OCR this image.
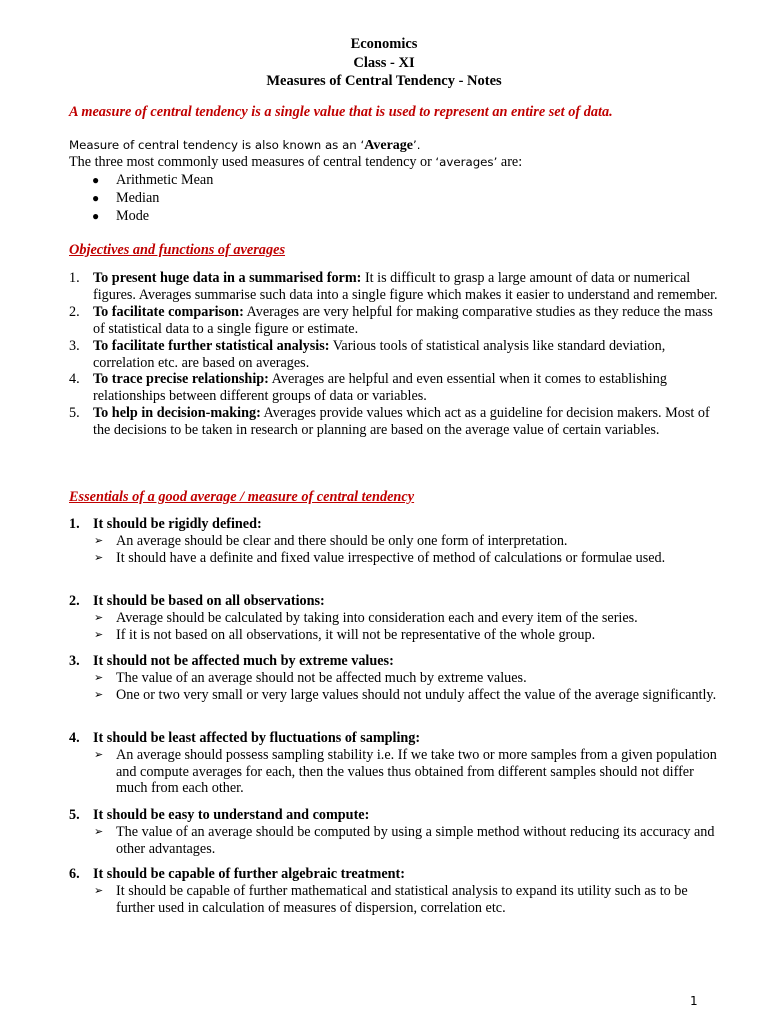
Economics
Class - XI
Measures of Central Tendency - Notes
A measure of central tendency is a single value that is used to represent an entire set of data.
Measure of central tendency is also known as an ‘Average’.
The three most commonly used measures of central tendency or ‘averages’ are:
● Arithmetic Mean
● Median
● Mode
Objectives and functions of averages
1. To present huge data in a summarised form: It is difficult to grasp a large amount of data or numerical figures. Averages summarise such data into a single figure which makes it easier to understand and remember.
2. To facilitate comparison: Averages are very helpful for making comparative studies as they reduce the mass of statistical data to a single figure or estimate.
3. To facilitate further statistical analysis: Various tools of statistical analysis like standard deviation, correlation etc. are based on averages.
4. To trace precise relationship: Averages are helpful and even essential when it comes to establishing relationships between different groups of data or variables.
5. To help in decision-making: Averages provide values which act as a guideline for decision makers. Most of the decisions to be taken in research or planning are based on the average value of certain variables.
Essentials of a good average / measure of central tendency
1. It should be rigidly defined:
➢ An average should be clear and there should be only one form of interpretation.
➢ It should have a definite and fixed value irrespective of method of calculations or formulae used.
2. It should be based on all observations:
➢ Average should be calculated by taking into consideration each and every item of the series.
➢ If it is not based on all observations, it will not be representative of the whole group.
3. It should not be affected much by extreme values:
➢ The value of an average should not be affected much by extreme values.
➢ One or two very small or very large values should not unduly affect the value of the average significantly.
4. It should be least affected by fluctuations of sampling:
➢ An average should possess sampling stability i.e. If we take two or more samples from a given population and compute averages for each, then the values thus obtained from different samples should not differ much from each other.
5. It should be easy to understand and compute:
➢ The value of an average should be computed by using a simple method without reducing its accuracy and other advantages.
6. It should be capable of further algebraic treatment:
➢ It should be capable of further mathematical and statistical analysis to expand its utility such as to be further used in calculation of measures of dispersion, correlation etc.
1
